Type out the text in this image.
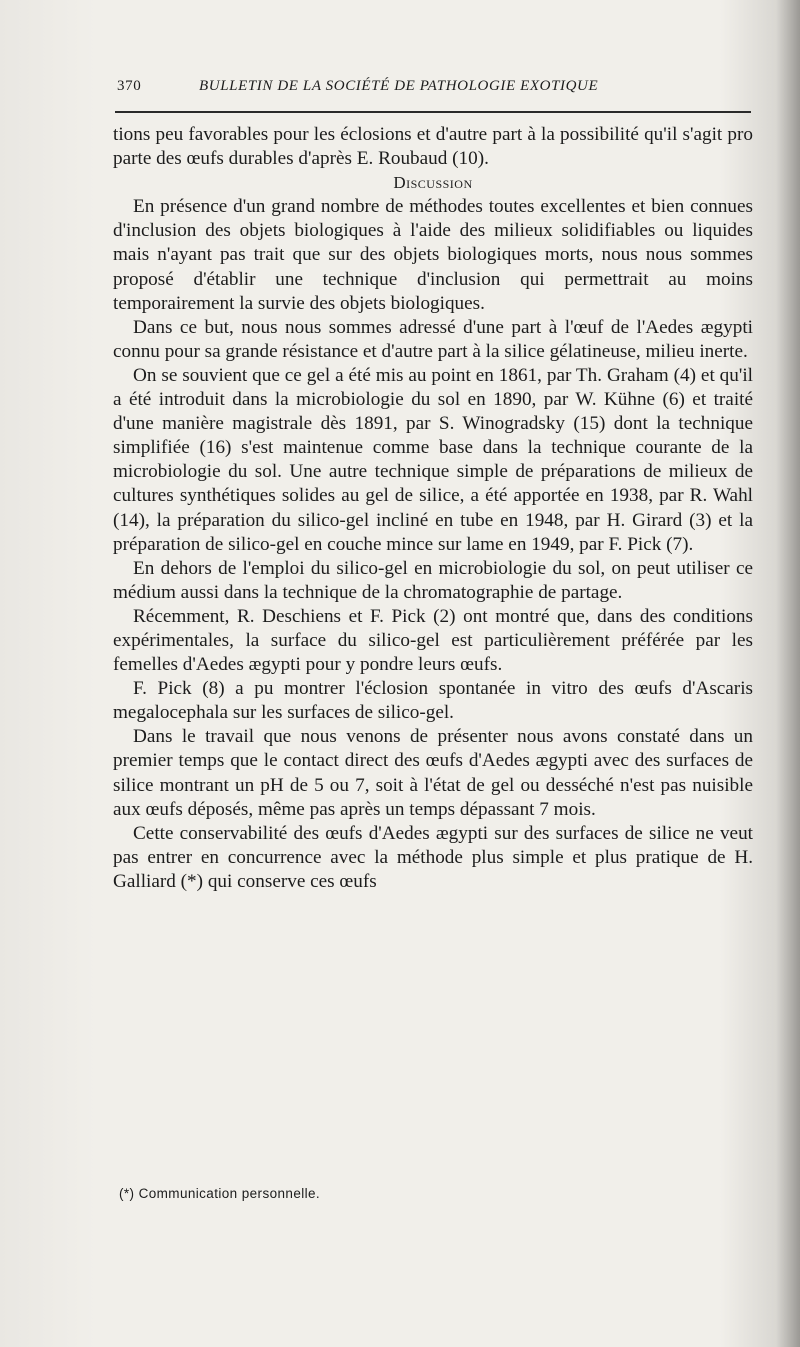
370	BULLETIN DE LA SOCIÉTÉ DE PATHOLOGIE EXOTIQUE

tions peu favorables pour les éclosions et d'autre part à la possibilité qu'il s'agit pro parte des œufs durables d'après E. Roubaud (10).

Discussion

En présence d'un grand nombre de méthodes toutes excellentes et bien connues d'inclusion des objets biologiques à l'aide des milieux solidifiables ou liquides mais n'ayant pas trait que sur des objets biologiques morts, nous nous sommes proposé d'établir une technique d'inclusion qui permettrait au moins temporairement la survie des objets biologiques.

Dans ce but, nous nous sommes adressé d'une part à l'œuf de l'Aedes ægypti connu pour sa grande résistance et d'autre part à la silice gélatineuse, milieu inerte.

On se souvient que ce gel a été mis au point en 1861, par Th. Graham (4) et qu'il a été introduit dans la microbiologie du sol en 1890, par W. Kühne (6) et traité d'une manière magistrale dès 1891, par S. Winogradsky (15) dont la technique simplifiée (16) s'est maintenue comme base dans la technique courante de la microbiologie du sol. Une autre technique simple de préparations de milieux de cultures synthétiques solides au gel de silice, a été apportée en 1938, par R. Wahl (14), la préparation du silico-gel incliné en tube en 1948, par H. Girard (3) et la préparation de silico-gel en couche mince sur lame en 1949, par F. Pick (7).

En dehors de l'emploi du silico-gel en microbiologie du sol, on peut utiliser ce médium aussi dans la technique de la chromatographie de partage.

Récemment, R. Deschiens et F. Pick (2) ont montré que, dans des conditions expérimentales, la surface du silico-gel est particulièrement préférée par les femelles d'Aedes ægypti pour y pondre leurs œufs.

F. Pick (8) a pu montrer l'éclosion spontanée in vitro des œufs d'Ascaris megalocephala sur les surfaces de silico-gel.

Dans le travail que nous venons de présenter nous avons constaté dans un premier temps que le contact direct des œufs d'Aedes ægypti avec des surfaces de silice montrant un pH de 5 ou 7, soit à l'état de gel ou desséché n'est pas nuisible aux œufs déposés, même pas après un temps dépassant 7 mois.

Cette conservabilité des œufs d'Aedes ægypti sur des surfaces de silice ne veut pas entrer en concurrence avec la méthode plus simple et plus pratique de H. Galliard (*) qui conserve ces œufs

(*) Communication personnelle.
